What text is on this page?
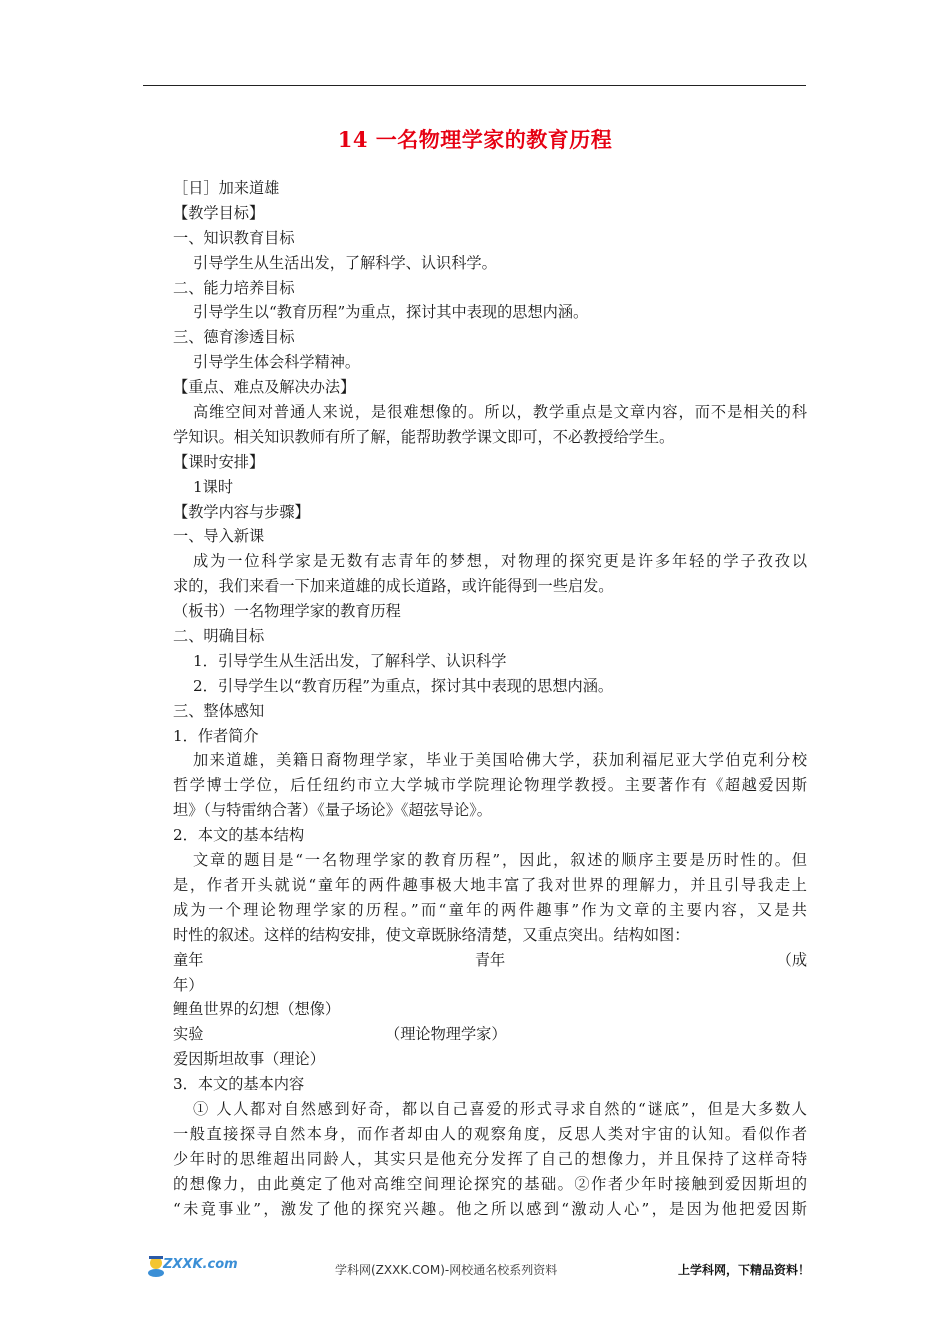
14 一名物理学家的教育历程
［日］加来道雄
【教学目标】
一、知识教育目标
引导学生从生活出发，了解科学、认识科学。
二、能力培养目标
引导学生以“教育历程”为重点，探讨其中表现的思想内涵。
三、德育渗透目标
引导学生体会科学精神。
【重点、难点及解决办法】
高维空间对普通人来说，是很难想像的。所以，教学重点是文章内容，而不是相关的科
学知识。相关知识教师有所了解，能帮助教学课文即可，不必教授给学生。
【课时安排】
1课时
【教学内容与步骤】
一、导入新课
成为一位科学家是无数有志青年的梦想，对物理的探究更是许多年轻的学子孜孜以
求的，我们来看一下加来道雄的成长道路，或许能得到一些启发。
（板书）一名物理学家的教育历程
二、明确目标
1．引导学生从生活出发，了解科学、认识科学
2．引导学生以“教育历程”为重点，探讨其中表现的思想内涵。
三、整体感知
1．作者简介
加来道雄，美籍日裔物理学家，毕业于美国哈佛大学，获加利福尼亚大学伯克利分校
哲学博士学位，后任纽约市立大学城市学院理论物理学教授。主要著作有《超越爱因斯
坦》（与特雷纳合著）《量子场论》《超弦导论》。
2．本文的基本结构
文章的题目是“一名物理学家的教育历程”，因此，叙述的顺序主要是历时性的。但
是，作者开头就说“童年的两件趣事极大地丰富了我对世界的理解力，并且引导我走上
成为一个理论物理学家的历程。”而“童年的两件趣事”作为文章的主要内容，又是共
时性的叙述。这样的结构安排，使文章既脉络清楚，又重点突出。结构如图：
童年	青年	（成
年）
鲤鱼世界的幻想（想像）
实验	（理论物理学家）
爱因斯坦故事（理论）
3．本文的基本内容
① 人人都对自然感到好奇，都以自己喜爱的形式寻求自然的“谜底”，但是大多数人
一般直接探寻自然本身，而作者却由人的观察角度，反思人类对宇宙的认知。看似作者
少年时的思维超出同龄人，其实只是他充分发挥了自己的想像力，并且保持了这样奇特
的想像力，由此奠定了他对高维空间理论探究的基础。②作者少年时接触到爱因斯坦的
“未竟事业”，激发了他的探究兴趣。他之所以感到“激动人心”，是因为他把爱因斯
ZXXK.com	学科网(ZXXK.COM)-网校通名校系列资料	上学科网，下精品资料！
